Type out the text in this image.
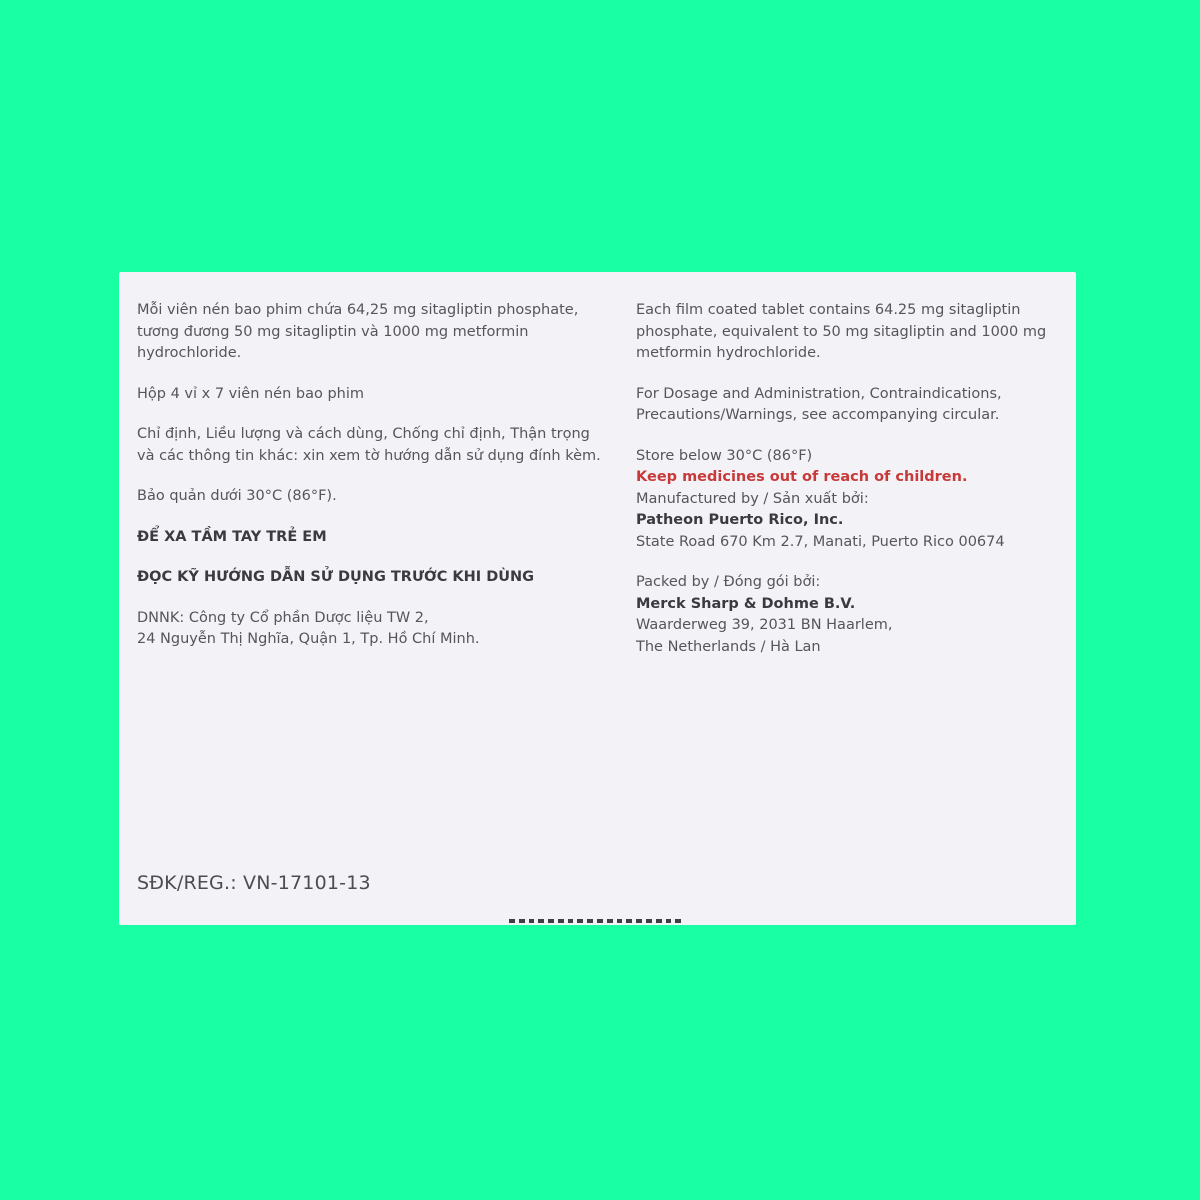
Mỗi viên nén bao phim chứa 64,25 mg sitagliptin phosphate,
tương đương 50 mg sitagliptin và 1000 mg metformin
hydrochloride.

Hộp 4 vỉ x 7 viên nén bao phim

Chỉ định, Liều lượng và cách dùng, Chống chỉ định, Thận trọng
và các thông tin khác: xin xem tờ hướng dẫn sử dụng đính kèm.

Bảo quản dưới 30°C (86°F).

ĐỂ XA TẦM TAY TRẺ EM

ĐỌC KỸ HƯỚNG DẪN SỬ DỤNG TRƯỚC KHI DÙNG

DNNK: Công ty Cổ phần Dược liệu TW 2,
24 Nguyễn Thị Nghĩa, Quận 1, Tp. Hồ Chí Minh.

Each film coated tablet contains 64.25 mg sitagliptin
phosphate, equivalent to 50 mg sitagliptin and 1000 mg
metformin hydrochloride.

For Dosage and Administration, Contraindications,
Precautions/Warnings, see accompanying circular.

Store below 30°C (86°F)
Keep medicines out of reach of children.
Manufactured by / Sản xuất bởi:
Patheon Puerto Rico, Inc.
State Road 670 Km 2.7, Manati, Puerto Rico 00674

Packed by / Đóng gói bởi:
Merck Sharp & Dohme B.V.
Waarderweg 39, 2031 BN Haarlem,
The Netherlands / Hà Lan

SĐK/REG.: VN-17101-13
